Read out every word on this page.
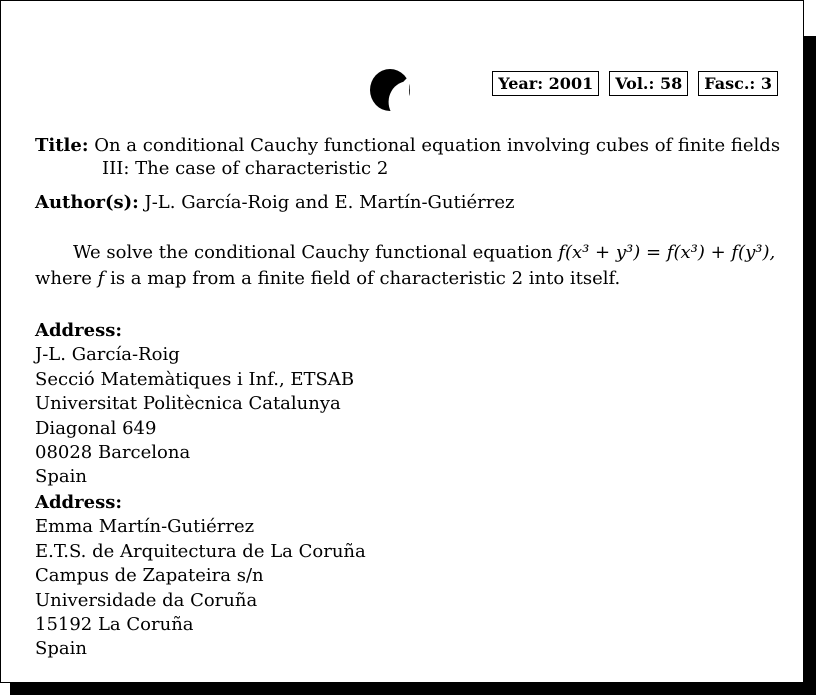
Year: 2001	Vol.: 58	Fasc.: 3
Title: On a conditional Cauchy functional equation involving cubes of finite fields
III: The case of characteristic 2
Author(s): J-L. García-Roig and E. Martín-Gutiérrez
We solve the conditional Cauchy functional equation f(x³ + y³) = f(x³) + f(y³),
where f is a map from a finite field of characteristic 2 into itself.
Address:
J-L. García-Roig
Secció Matemàtiques i Inf., ETSAB
Universitat Politècnica Catalunya
Diagonal 649
08028 Barcelona
Spain
Address:
Emma Martín-Gutiérrez
E.T.S. de Arquitectura de La Coruña
Campus de Zapateira s/n
Universidade da Coruña
15192 La Coruña
Spain
